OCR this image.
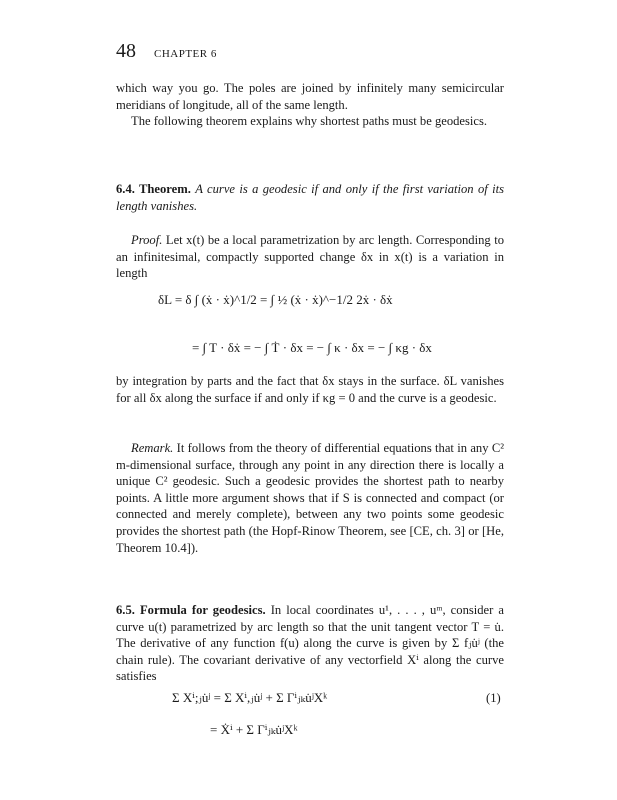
48 CHAPTER 6

which way you go. The poles are joined by infinitely many semicircular meridians of longitude, all of the same length.

The following theorem explains why shortest paths must be geodesics.

6.4. Theorem. A curve is a geodesic if and only if the first variation of its length vanishes.

Proof. Let x(t) be a local parametrization by arc length. Corresponding to an infinitesimal, compactly supported change δx in x(t) is a variation in length

δL = δ ∫ (ẋ · ẋ)^1/2 = ∫ ½ (ẋ · ẋ)^−1/2 2ẋ · δẋ
= ∫ T · δẋ = − ∫ Ṫ · δx = − ∫ κ · δx = − ∫ κg · δx

by integration by parts and the fact that δx stays in the surface. δL vanishes for all δx along the surface if and only if κg = 0 and the curve is a geodesic.

Remark. It follows from the theory of differential equations that in any C² m-dimensional surface, through any point in any direction there is locally a unique C² geodesic. Such a geodesic provides the shortest path to nearby points. A little more argument shows that if S is connected and compact (or connected and merely complete), between any two points some geodesic provides the shortest path (the Hopf-Rinow Theorem, see [CE, ch. 3] or [He, Theorem 10.4]).

6.5. Formula for geodesics. In local coordinates u¹, . . . , uᵐ, consider a curve u(t) parametrized by arc length so that the unit tangent vector T = u̇. The derivative of any function f(u) along the curve is given by Σ fⱼu̇ʲ (the chain rule). The covariant derivative of any vectorfield Xⁱ along the curve satisfies

Σ Xⁱ;ⱼu̇ʲ = Σ Xⁱ,ⱼu̇ʲ + Σ Γⁱⱼₖu̇ʲXᵏ	(1)
= Ẋⁱ + Σ Γⁱⱼₖu̇ʲXᵏ
